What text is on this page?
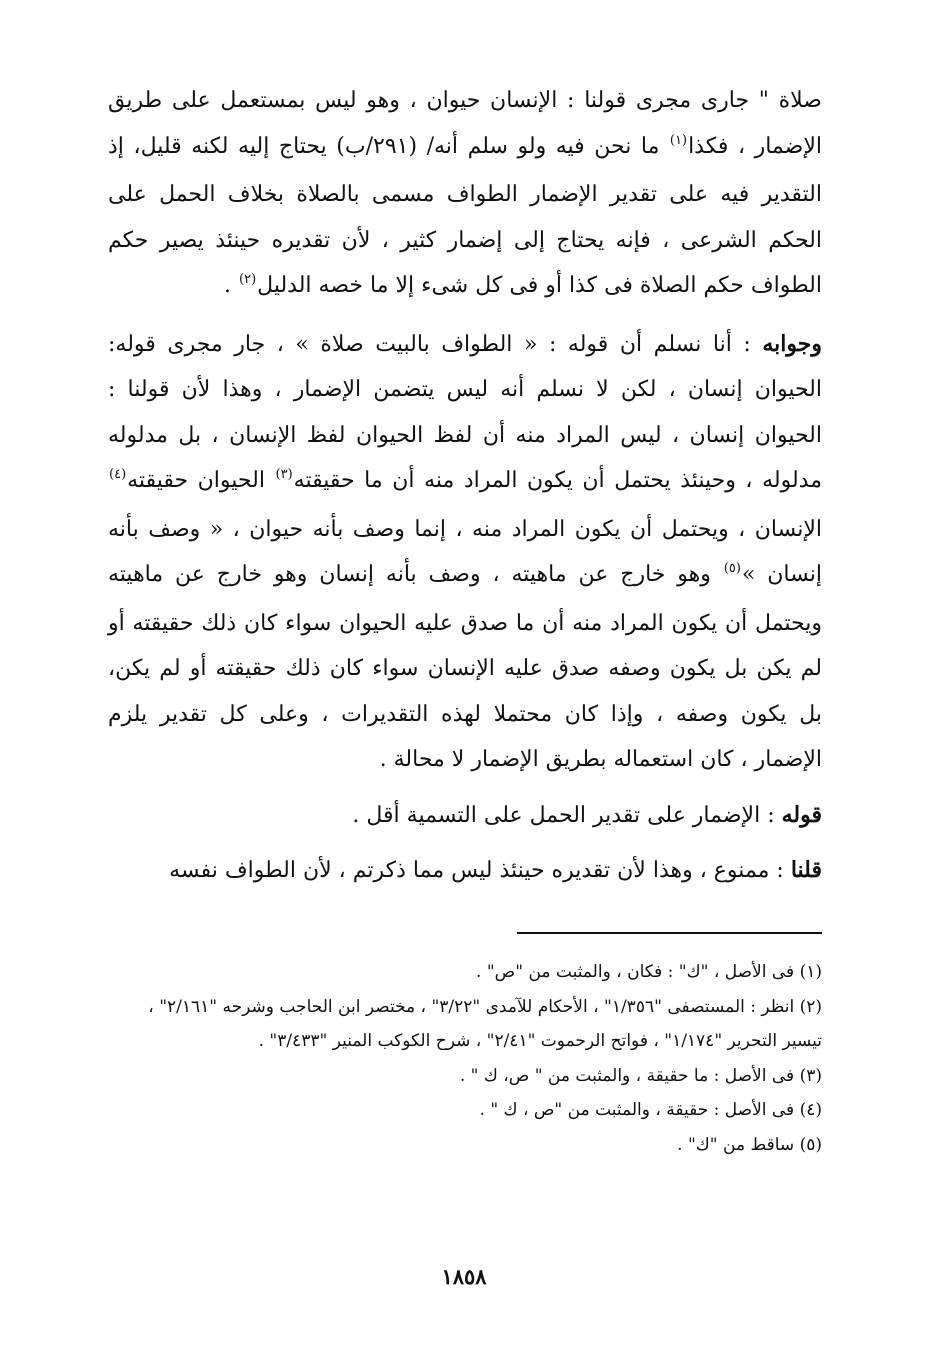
صلاة " جارى مجرى قولنا : الإنسان حيوان ، وهو ليس بمستعمل على طريق الإضمار ، فكذا$^{(١)}$ ما نحن فيه ولو سلم أنه/ (٢٩١/ب) يحتاج إليه لكنه قليل، إذ التقدير فيه على تقدير الإضمار الطواف مسمى بالصلاة بخلاف الحمل على الحكم الشرعى ، فإنه يحتاج إلى إضمار كثير ، لأن تقديره حينئذ يصير حكم الطواف حكم الصلاة فى كذا أو فى كل شىء إلا ما خصه الدليل$^{(٢)}$ .

وجوابه : أنا نسلم أن قوله : « الطواف بالبيت صلاة » ، جار مجرى قوله: الحيوان إنسان ، لكن لا نسلم أنه ليس يتضمن الإضمار ، وهذا لأن قولنا : الحيوان إنسان ، ليس المراد منه أن لفظ الحيوان لفظ الإنسان ، بل مدلوله مدلوله ، وحينئذ يحتمل أن يكون المراد منه أن ما حقيقته$^{(٣)}$ الحيوان حقيقته$^{(٤)}$ الإنسان ، ويحتمل أن يكون المراد منه ، إنما وصف بأنه حيوان ، « وصف بأنه إنسان »$^{(٥)}$ وهو خارج عن ماهيته ، وصف بأنه إنسان وهو خارج عن ماهيته ويحتمل أن يكون المراد منه أن ما صدق عليه الحيوان سواء كان ذلك حقيقته أو لم يكن بل يكون وصفه صدق عليه الإنسان سواء كان ذلك حقيقته أو لم يكن، بل يكون وصفه ، وإذا كان محتملا لهذه التقديرات ، وعلى كل تقدير يلزم الإضمار ، كان استعماله بطريق الإضمار لا محالة .

قوله : الإضمار على تقدير الحمل على التسمية أقل .

قلنا : ممنوع ، وهذا لأن تقديره حينئذ ليس مما ذكرتم ، لأن الطواف نفسه

(١) فى الأصل ، "ك" : فكان ، والمثبت من "ص" .

(٢) انظر : المستصفى "١/٣٥٦" ، الأحكام للآمدى "٣/٢٢" ، مختصر ابن الحاجب وشرحه "٢/١٦١" ، تيسير التحرير "١/١٧٤" ، فواتح الرحموت "٢/٤١" ، شرح الكوكب المنير "٣/٤٣٣" .

(٣) فى الأصل : ما حقيقة ، والمثبت من " ص، ك " .

(٤) فى الأصل : حقيقة ، والمثبت من "ص ، ك " .

(٥) ساقط من "ك" .

١٨٥٨
